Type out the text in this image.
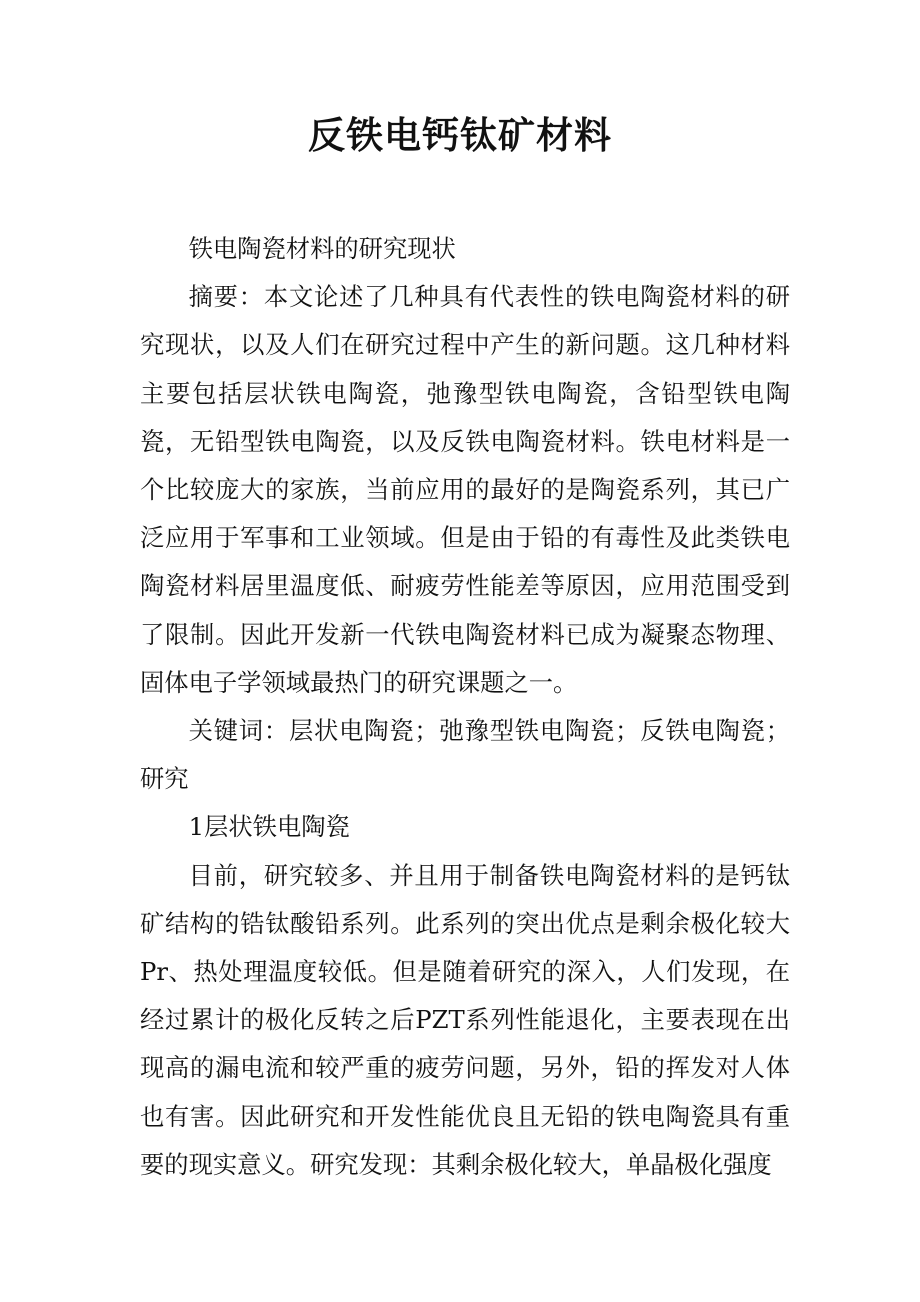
反铁电钙钛矿材料

铁电陶瓷材料的研究现状

摘要：本文论述了几种具有代表性的铁电陶瓷材料的研究现状，以及人们在研究过程中产生的新问题。这几种材料主要包括层状铁电陶瓷，弛豫型铁电陶瓷，含铅型铁电陶瓷，无铅型铁电陶瓷，以及反铁电陶瓷材料。铁电材料是一个比较庞大的家族，当前应用的最好的是陶瓷系列，其已广泛应用于军事和工业领域。但是由于铅的有毒性及此类铁电陶瓷材料居里温度低、耐疲劳性能差等原因，应用范围受到了限制。因此开发新一代铁电陶瓷材料已成为凝聚态物理、固体电子学领域最热门的研究课题之一。

关键词：层状电陶瓷；弛豫型铁电陶瓷；反铁电陶瓷；研究

1层状铁电陶瓷

目前，研究较多、并且用于制备铁电陶瓷材料的是钙钛矿结构的锆钛酸铅系列。此系列的突出优点是剩余极化较大Pr、热处理温度较低。但是随着研究的深入，人们发现，在经过累计的极化反转之后PZT系列性能退化，主要表现在出现高的漏电流和较严重的疲劳问题，另外，铅的挥发对人体也有害。因此研究和开发性能优良且无铅的铁电陶瓷具有重要的现实意义。研究发现：其剩余极化较大，单晶极化强度
